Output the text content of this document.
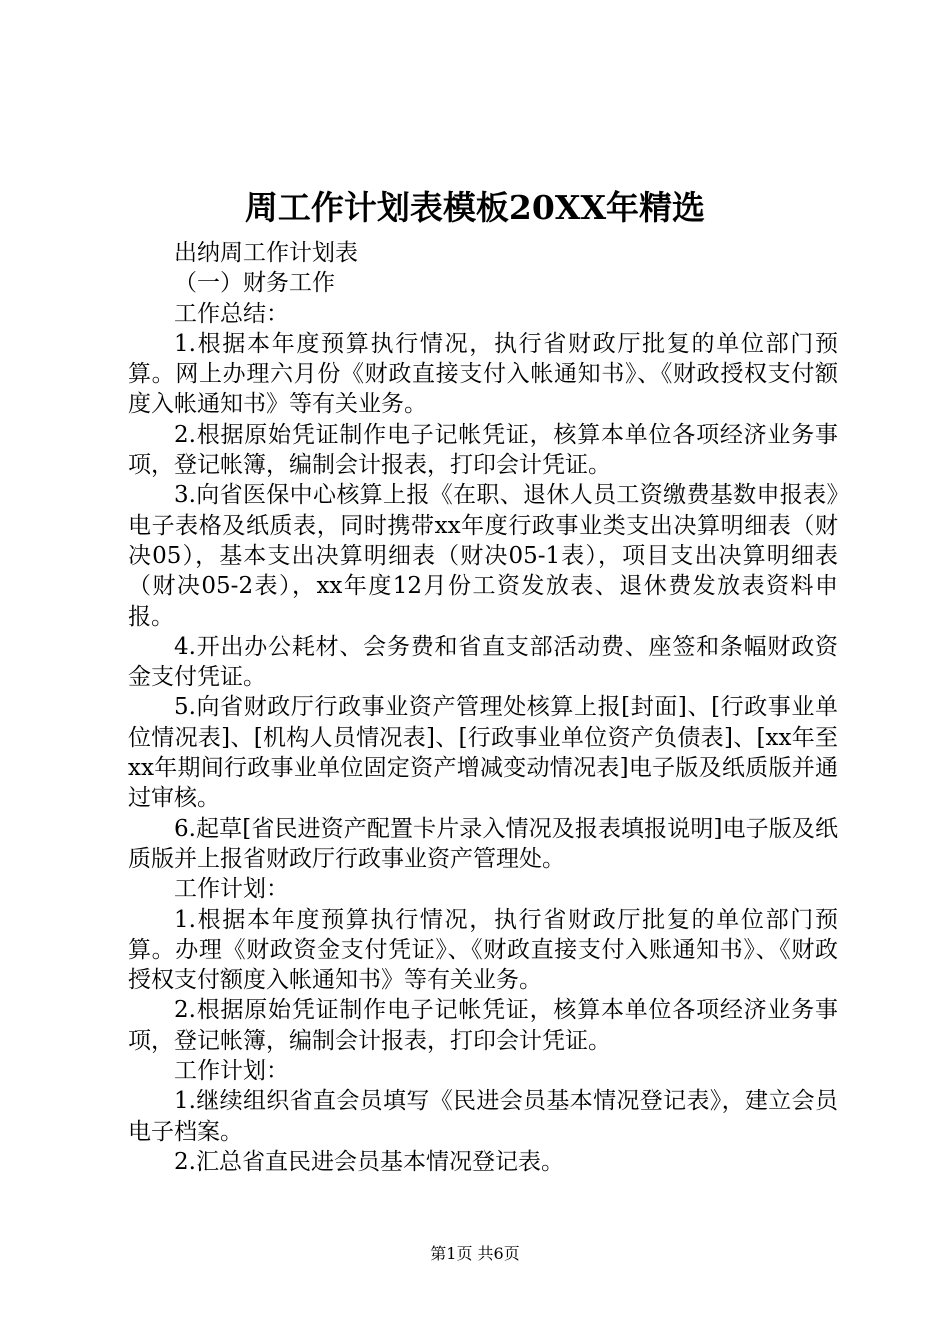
周工作计划表模板20XX年精选

出纳周工作计划表

（一）财务工作

工作总结：

1.根据本年度预算执行情况，执行省财政厅批复的单位部门预算。网上办理六月份《财政直接支付入帐通知书》、《财政授权支付额度入帐通知书》等有关业务。

2.根据原始凭证制作电子记帐凭证，核算本单位各项经济业务事项，登记帐簿，编制会计报表，打印会计凭证。

3.向省医保中心核算上报《在职、退休人员工资缴费基数申报表》电子表格及纸质表，同时携带xx年度行政事业类支出决算明细表（财决05），基本支出决算明细表（财决05-1表），项目支出决算明细表（财决05-2表），xx年度12月份工资发放表、退休费发放表资料申报。

4.开出办公耗材、会务费和省直支部活动费、座签和条幅财政资金支付凭证。

5.向省财政厅行政事业资产管理处核算上报[封面]、[行政事业单位情况表]、[机构人员情况表]、[行政事业单位资产负债表]、[xx年至xx年期间行政事业单位固定资产增减变动情况表]电子版及纸质版并通过审核。

6.起草[省民进资产配置卡片录入情况及报表填报说明]电子版及纸质版并上报省财政厅行政事业资产管理处。

工作计划：

1.根据本年度预算执行情况，执行省财政厅批复的单位部门预算。办理《财政资金支付凭证》、《财政直接支付入账通知书》、《财政授权支付额度入帐通知书》等有关业务。

2.根据原始凭证制作电子记帐凭证，核算本单位各项经济业务事项，登记帐簿，编制会计报表，打印会计凭证。

工作计划：

1.继续组织省直会员填写《民进会员基本情况登记表》，建立会员电子档案。

2.汇总省直民进会员基本情况登记表。

第1页 共6页
